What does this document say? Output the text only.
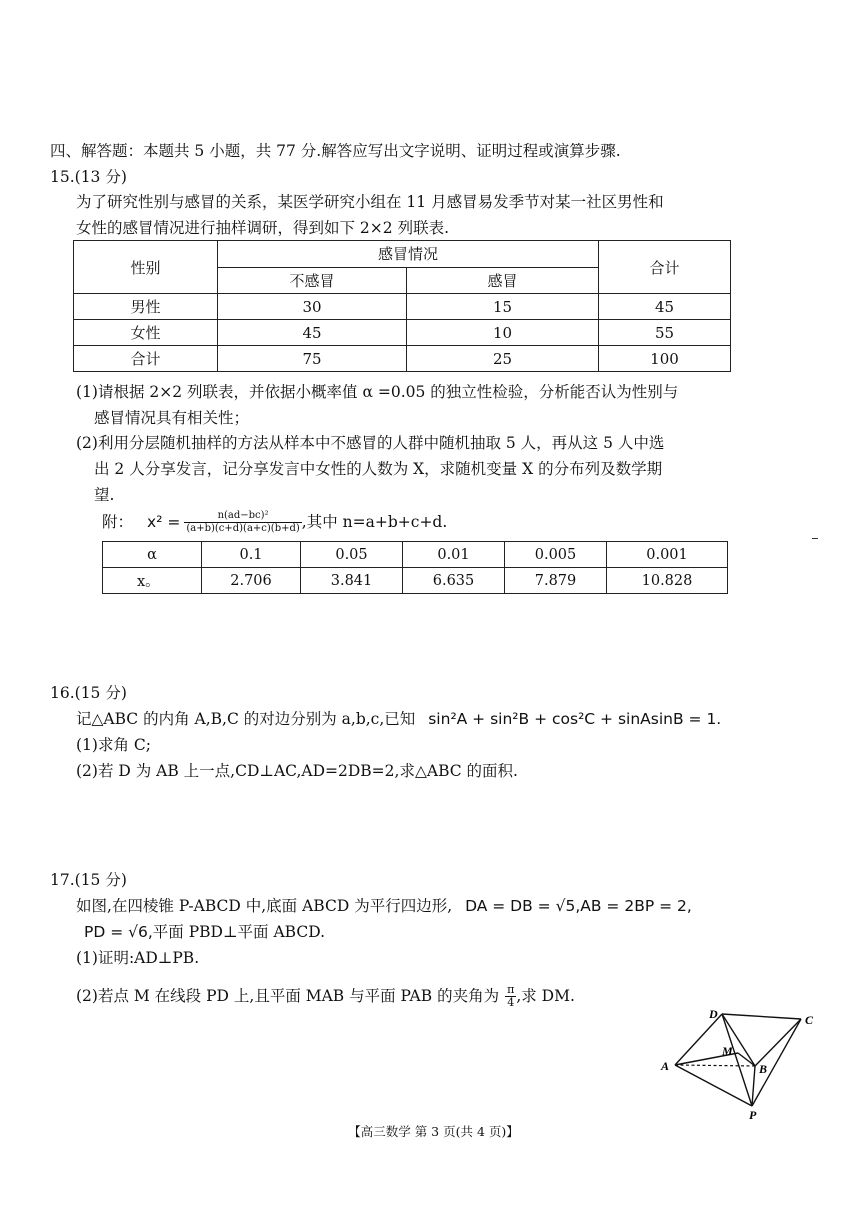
四、解答题：本题共 5 小题，共 77 分.解答应写出文字说明、证明过程或演算步骤.
15.(13 分)
为了研究性别与感冒的关系，某医学研究小组在 11 月感冒易发季节对某一社区男性和
女性的感冒情况进行抽样调研，得到如下 2×2 列联表.
性别	感冒情况		合计
	不感冒	感冒	
男性	30	15	45
女性	45	10	55
合计	75	25	100
(1)请根据 2×2 列联表，并依据小概率值 α =0.05 的独立性检验，分析能否认为性别与
感冒情况具有相关性；
(2)利用分层随机抽样的方法从样本中不感冒的人群中随机抽取 5 人，再从这 5 人中选
出 2 人分享发言，记分享发言中女性的人数为 X，求随机变量 X 的分布列及数学期
望.
附： $x^2 = \frac{\text{n(ad−bc)²}}{(a+b)(c+d)(a+c)(b+d)}$ ,其中 n=a+b+c+d.
α	0.1	0.05	0.01	0.005	0.001
x。	2.706	3.841	6.635	7.879	10.828
16.(15 分)
记△ABC 的内角 A,B,C 的对边分别为 a,b,c,已知 sin²A + sin²B + cos²C + sinAsinB = 1.
(1)求角 C;
(2)若 D 为 AB 上一点,CD⊥AC,AD=2DB=2,求△ABC 的面积.
17.(15 分)
如图,在四棱锥 P-ABCD 中,底面 ABCD 为平行四边形, DA = DB = √5,AB = 2BP = 2,
PD = √6,平面 PBD⊥平面 ABCD.
(1)证明:AD⊥PB.
(2)若点 M 在线段 PD 上,且平面 MAB 与平面 PAB 的夹角为 $\frac{\pi}{4}$ ,求 DM.
D	C
M
A	B
P
【高三数学 第 3 页(共 4 页)】
